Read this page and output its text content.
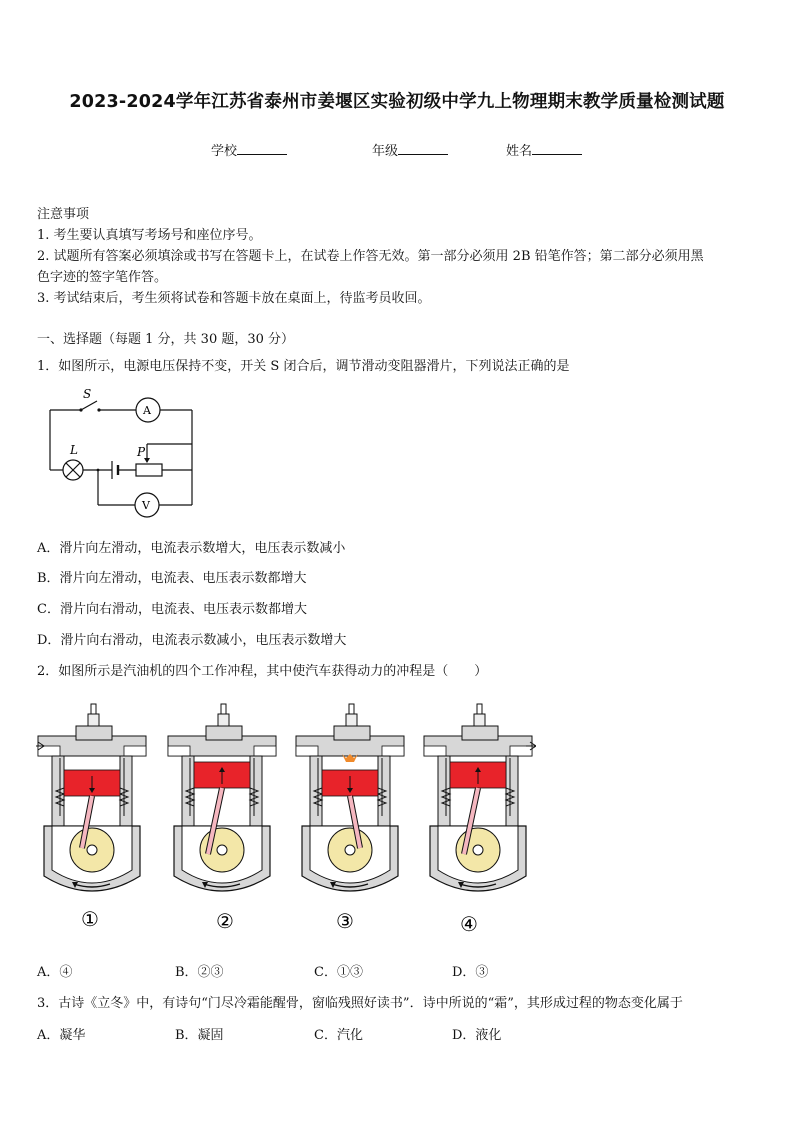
2023-2024学年江苏省泰州市姜堰区实验初级中学九上物理期末教学质量检测试题
学校	年级	姓名
注意事项
1. 考生要认真填写考场号和座位序号。
2. 试题所有答案必须填涂或书写在答题卡上，在试卷上作答无效。第一部分必须用 2B 铅笔作答；第二部分必须用黑
色字迹的签字笔作答。
3. 考试结束后，考生须将试卷和答题卡放在桌面上，待监考员收回。
一、选择题（每题 1 分，共 30 题，30 分）
1．如图所示，电源电压保持不变，开关 S 闭合后，调节滑动变阻器滑片，下列说法正确的是
S
A
L	P
V
A．滑片向左滑动，电流表示数增大，电压表示数减小
B．滑片向左滑动，电流表、电压表示数都增大
C．滑片向右滑动，电流表、电压表示数都增大
D．滑片向右滑动，电流表示数减小，电压表示数增大
2．如图所示是汽油机的四个工作冲程，其中使汽车获得动力的冲程是（　　）
①	②	③	④
A．④	B．②③	C．①③	D．③
3．古诗《立冬》中，有诗句“门尽冷霜能醒骨，窗临残照好读书”．诗中所说的“霜”，其形成过程的物态变化属于
A．凝华	B．凝固	C．汽化	D．液化
